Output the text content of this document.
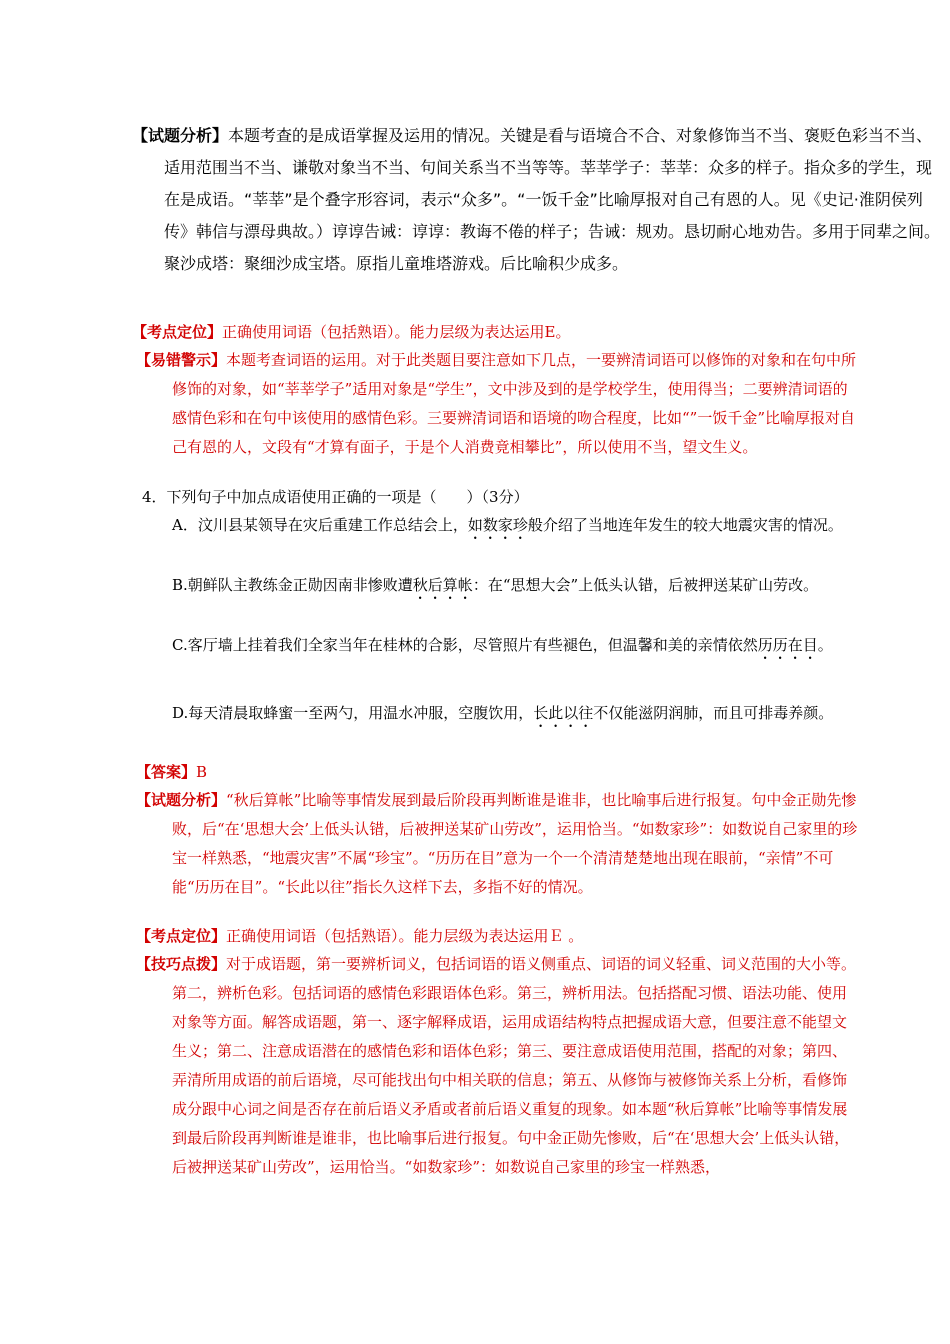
【试题分析】本题考查的是成语掌握及运用的情况。关键是看与语境合不合、对象修饰当不当、褒贬色彩当不当、适用范围当不当、谦敬对象当不当、句间关系当不当等等。莘莘学子：莘莘：众多的样子。指众多的学生，现在是成语。“莘莘”是个叠字形容词，表示“众多”。“一饭千金”比喻厚报对自己有恩的人。见《史记·淮阴侯列传》韩信与漂母典故。）谆谆告诫：谆谆：教诲不倦的样子；告诫：规劝。恳切耐心地劝告。多用于同辈之间。聚沙成塔：聚细沙成宝塔。原指儿童堆塔游戏。后比喻积少成多。

【考点定位】正确使用词语（包括熟语）。能力层级为表达运用E。

【易错警示】本题考查词语的运用。对于此类题目要注意如下几点，一要辨清词语可以修饰的对象和在句中所修饰的对象，如“莘莘学子”适用对象是“学生”，文中涉及到的是学校学生，使用得当；二要辨清词语的感情色彩和在句中该使用的感情色彩。三要辨清词语和语境的吻合程度，比如“”一饭千金”比喻厚报对自己有恩的人，文段有“才算有面子，于是个人消费竟相攀比”，所以使用不当，望文生义。

4．下列句子中加点成语使用正确的一项是（　　）（3分）

A．汶川县某领导在灾后重建工作总结会上，如数家珍般介绍了当地连年发生的较大地震灾害的情况。

B.朝鲜队主教练金正勋因南非惨败遭秋后算帐：在“思想大会”上低头认错，后被押送某矿山劳改。

C.客厅墙上挂着我们全家当年在桂林的合影，尽管照片有些褪色，但温馨和美的亲情依然历历在目。

D.每天清晨取蜂蜜一至两勺，用温水冲服，空腹饮用，长此以往不仅能滋阴润肺，而且可排毒养颜。

【答案】B

【试题分析】“秋后算帐”比喻等事情发展到最后阶段再判断谁是谁非，也比喻事后进行报复。句中金正勋先惨败，后“在‘思想大会’上低头认错，后被押送某矿山劳改”，运用恰当。“如数家珍”：如数说自己家里的珍宝一样熟悉，“地震灾害”不属“珍宝”。“历历在目”意为一个一个清清楚楚地出现在眼前，“亲情”不可能“历历在目”。“长此以往”指长久这样下去，多指不好的情况。

【考点定位】正确使用词语（包括熟语）。能力层级为表达运用Ｅ 。

【技巧点拨】对于成语题，第一要辨析词义，包括词语的语义侧重点、词语的词义轻重、词义范围的大小等。第二，辨析色彩。包括词语的感情色彩跟语体色彩。第三，辨析用法。包括搭配习惯、语法功能、使用对象等方面。解答成语题，第一、逐字解释成语，运用成语结构特点把握成语大意，但要注意不能望文生义；第二、注意成语潜在的感情色彩和语体色彩；第三、要注意成语使用范围，搭配的对象；第四、弄清所用成语的前后语境，尽可能找出句中相关联的信息；第五、从修饰与被修饰关系上分析，看修饰成分跟中心词之间是否存在前后语义矛盾或者前后语义重复的现象。如本题“秋后算帐”比喻等事情发展到最后阶段再判断谁是谁非，也比喻事后进行报复。句中金正勋先惨败，后“在‘思想大会’上低头认错，后被押送某矿山劳改”，运用恰当。“如数家珍”：如数说自己家里的珍宝一样熟悉，
